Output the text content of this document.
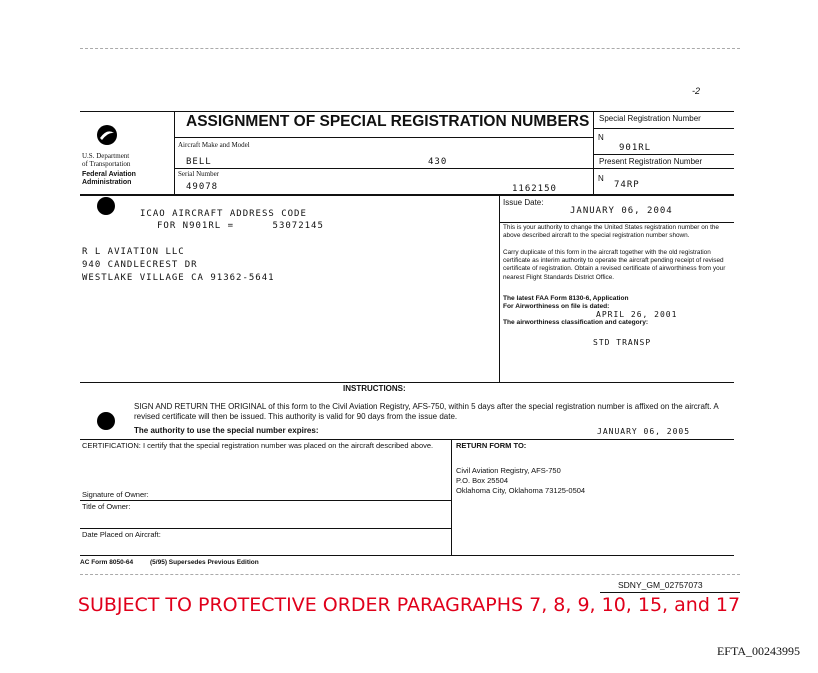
-2
U.S. Department
of Transportation
Federal Aviation
Administration
ASSIGNMENT OF SPECIAL REGISTRATION NUMBERS
Aircraft Make and Model
BELL	430
Serial Number
49078	1162150
Special Registration Number
N
901RL
Present Registration Number
N
74RP
ICAO AIRCRAFT ADDRESS CODE
FOR N901RL =      53072145
R L AVIATION LLC
940 CANDLECREST DR
WESTLAKE VILLAGE CA 91362-5641
Issue Date:
JANUARY 06, 2004
This is your authority to change the United States registration number on the above described aircraft to the special registration number shown.
Carry duplicate of this form in the aircraft together with the old registration certificate as interim authority to operate the aircraft pending receipt of revised certificate of registration. Obtain a revised certificate of airworthiness from your nearest Flight Standards District Office.
The latest FAA Form 8130-6, Application
For Airworthiness on file is dated:
APRIL 26, 2001
The airworthiness classification and category:
STD TRANSP
INSTRUCTIONS:
SIGN AND RETURN THE ORIGINAL of this form to the Civil Aviation Registry, AFS-750, within 5 days after the special registration number is affixed on the aircraft. A revised certificate will then be issued. This authority is valid for 90 days from the issue date.
The authority to use the special number expires:	JANUARY 06, 2005
CERTIFICATION: I certify that the special registration number was placed on the aircraft described above.
Signature of Owner:
Title of Owner:
Date Placed on Aircraft:
RETURN FORM TO:
Civil Aviation Registry, AFS-750
P.O. Box 25504
Oklahoma City, Oklahoma 73125-0504
AC Form 8050-64	(5/95) Supersedes Previous Edition
SDNY_GM_02757073
SUBJECT TO PROTECTIVE ORDER PARAGRAPHS 7, 8, 9, 10, 15, and 17
EFTA_00243995
